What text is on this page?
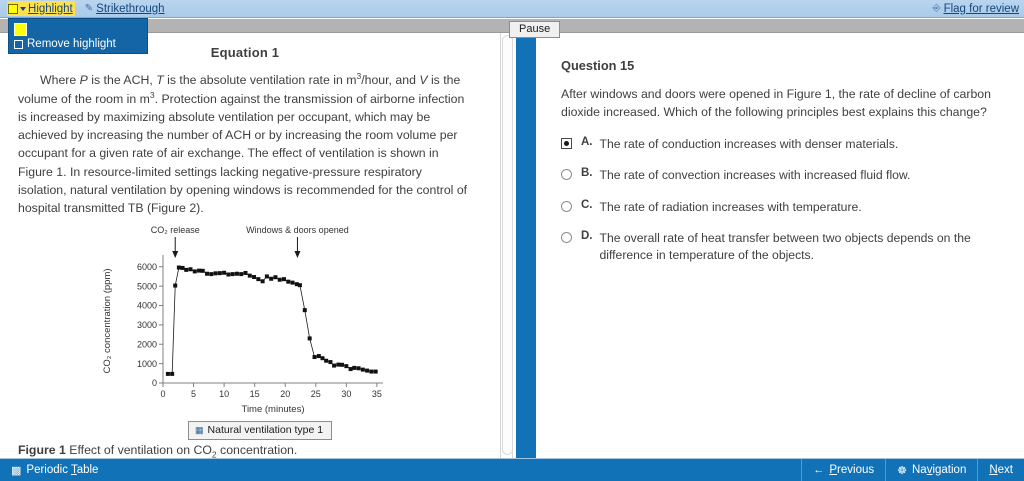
Highlight ✎ Strikethrough	⎆ Flag for review
Remove highlight
Pause
Equation 1
Where P is the ACH, T is the absolute ventilation rate in $m^3$/hour, and V is the volume of the room in $m^3$. Protection against the transmission of airborne infection is increased by maximizing absolute ventilation per occupant, which may be achieved by increasing the number of ACH or by increasing the room volume per occupant for a given rate of air exchange. The effect of ventilation is shown in Figure 1. In resource-limited settings lacking negative-pressure respiratory isolation, natural ventilation by opening windows is recommended for the control of hospital transmitted TB (Figure 2).
0
1000
2000
3000
4000
5000
6000
0	5	10 15 20 25 30 35
Time (minutes)
CO₂ concentration (ppm)
CO₂ release	Windows & doors opened
Figure 1 Effect of ventilation on $CO_2$ concentration.
▦ Natural ventilation type 1
Question 15
After windows and doors were opened in Figure 1, the rate of decline of carbon dioxide increased. Which of the following principles best explains this change?
A. The rate of conduction increases with denser materials.
B. The rate of convection increases with increased fluid flow.
C. The rate of radiation increases with temperature.
D. The overall rate of heat transfer between two objects depends on the difference in temperature of the objects.
▩ Periodic Table	← Previous ☸ Navigation Next
